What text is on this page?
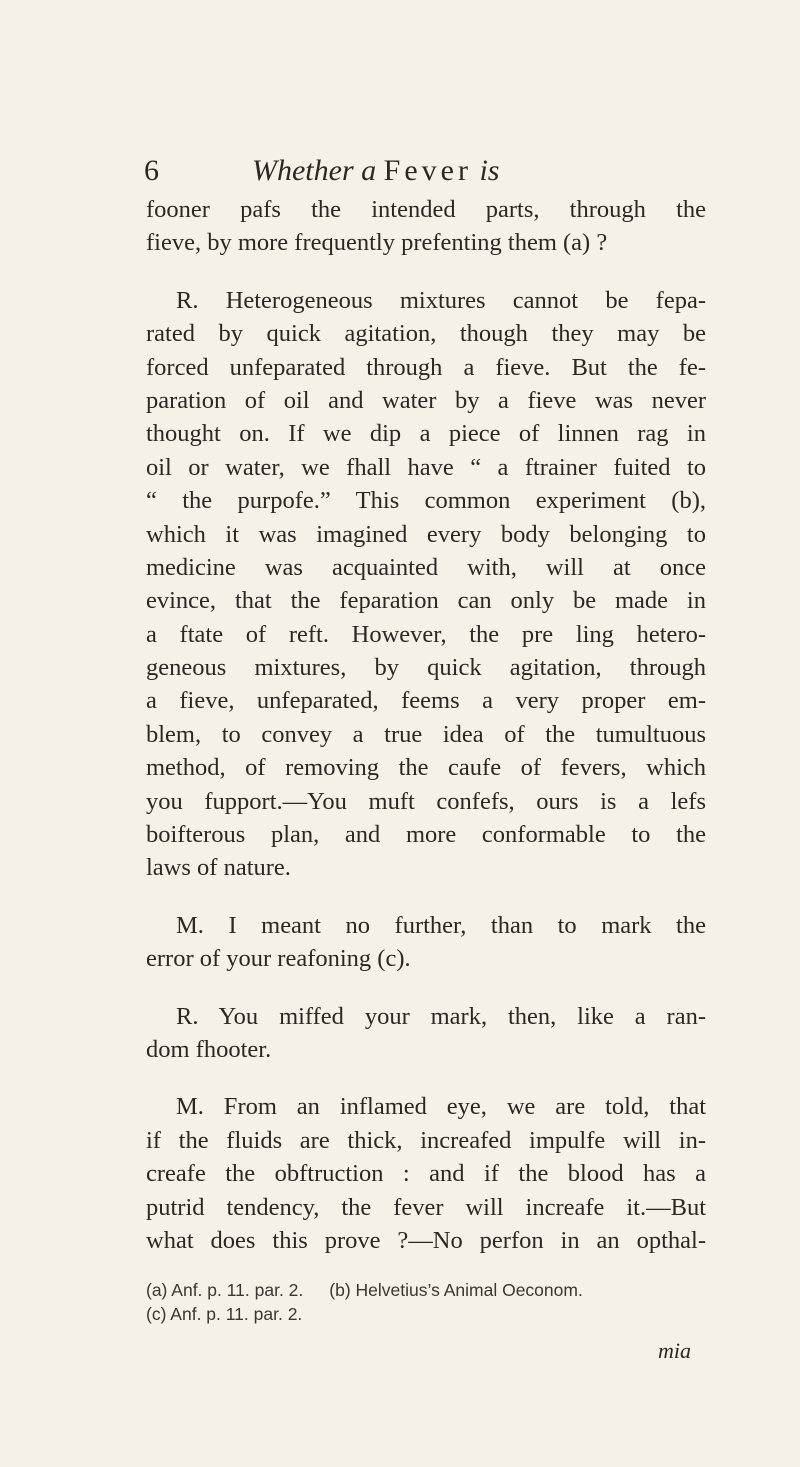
6	Whether a Fever is
fooner pafs the intended parts, through the
fieve, by more frequently prefenting them (a) ?
R. Heterogeneous mixtures cannot be fepa-
rated by quick agitation, though they may be
forced unfeparated through a fieve. But the fe-
paration of oil and water by a fieve was never
thought on. If we dip a piece of linnen rag in
oil or water, we fhall have “ a ftrainer fuited to
“ the purpofe.” This common experiment (b),
which it was imagined every body belonging to
medicine was acquainted with, will at once
evince, that the feparation can only be made in
a ftate of reft. However, the pre ling hetero-
geneous mixtures, by quick agitation, through
a fieve, unfeparated, feems a very proper em-
blem, to convey a true idea of the tumultuous
method, of removing the caufe of fevers, which
you fupport.—You muft confefs, ours is a lefs
boifterous plan, and more conformable to the
laws of nature.
M. I meant no further, than to mark the
error of your reafoning (c).
R. You miffed your mark, then, like a ran-
dom fhooter.
M. From an inflamed eye, we are told, that
if the fluids are thick, increafed impulfe will in-
creafe the obftruction : and if the blood has a
putrid tendency, the fever will increafe it.—But
what does this prove ?—No perfon in an opthal-
(a) Anf. p. 11. par. 2. (b) Helvetius’s Animal Oeconom.
(c) Anf. p. 11. par. 2.
mia
